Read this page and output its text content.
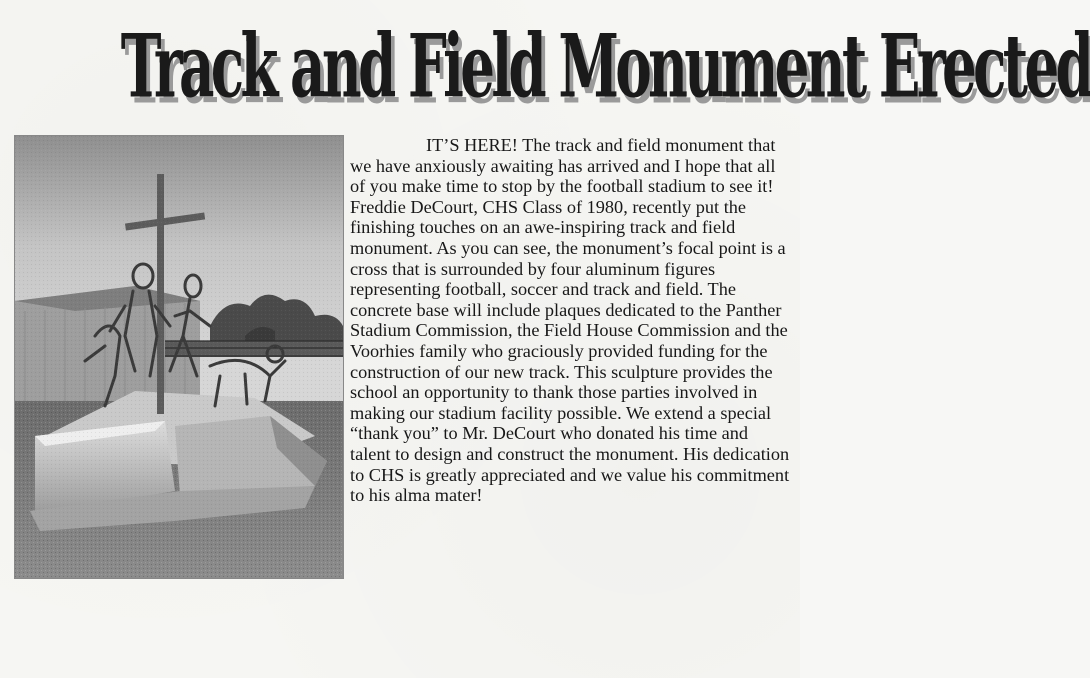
Track and Field Monument Erected

IT’S HERE! The track and field monument that we have anxiously awaiting has arrived and I hope that all of you make time to stop by the football stadium to see it! Freddie DeCourt, CHS Class of 1980, recently put the finishing touches on an awe-inspiring track and field monument. As you can see, the monument’s focal point is a cross that is surrounded by four aluminum figures representing football, soccer and track and field. The concrete base will include plaques dedicated to the Panther Stadium Commission, the Field House Commission and the Voorhies family who graciously provided funding for the construction of our new track. This sculpture provides the school an opportunity to thank those parties involved in making our stadium facility possible. We extend a special “thank you” to Mr. DeCourt who donated his time and talent to design and construct the monument. His dedication to CHS is greatly appreciated and we value his commitment to his alma mater!
